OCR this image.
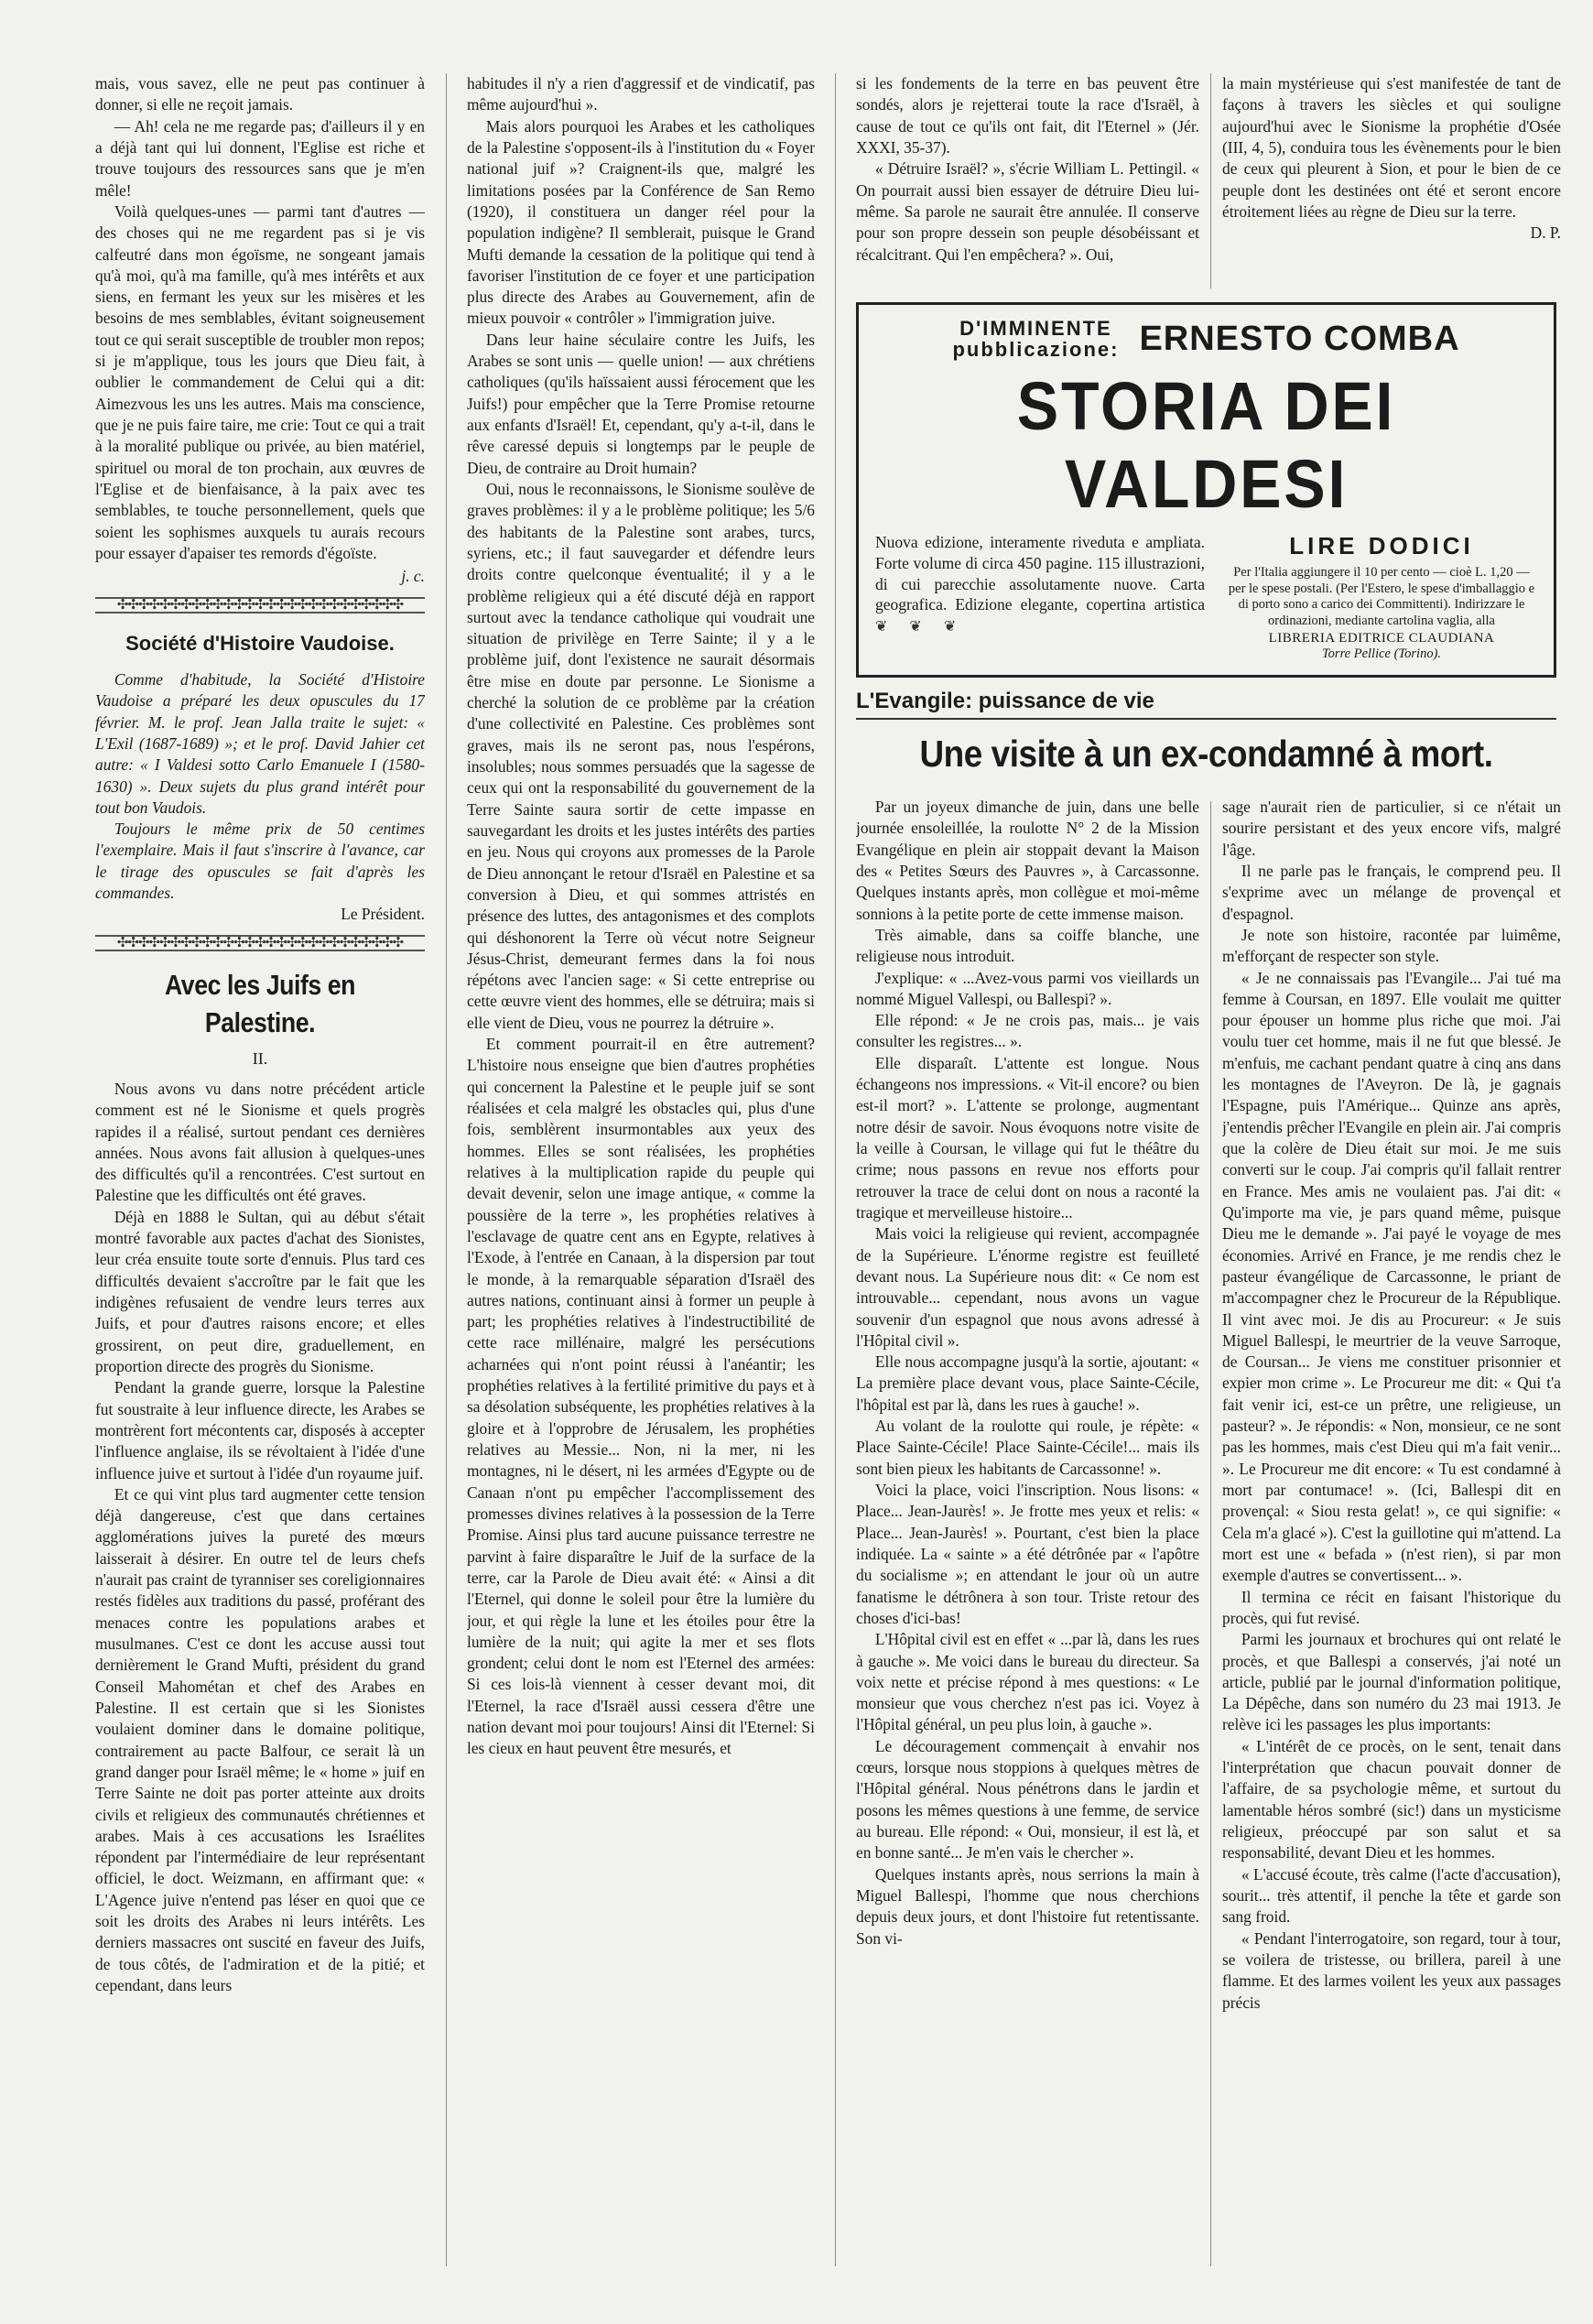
mais, vous savez, elle ne peut pas continuer à donner, si elle ne reçoit jamais.

— Ah! cela ne me regarde pas; d'ailleurs il y en a déjà tant qui lui donnent, l'Eglise est riche et trouve toujours des ressources sans que je m'en mêle!

Voilà quelques-unes — parmi tant d'autres — des choses qui ne me regardent pas si je vis calfeutré dans mon égoïsme, ne songeant jamais qu'à moi, qu'à ma famille, qu'à mes intérêts et aux siens, en fermant les yeux sur les misères et les besoins de mes semblables, évitant soigneusement tout ce qui serait susceptible de troubler mon repos; si je m'applique, tous les jours que Dieu fait, à oublier le commandement de Celui qui a dit: Aimezvous les uns les autres. Mais ma conscience, que je ne puis faire taire, me crie: Tout ce qui a trait à la moralité publique ou privée, au bien matériel, spirituel ou moral de ton prochain, aux œuvres de l'Eglise et de bienfaisance, à la paix avec tes semblables, te touche personnellement, quels que soient les sophismes auxquels tu aurais recours pour essayer d'apaiser tes remords d'égoïste.

j. c.
✣✣✣✣✣✣✣✣✣✣✣✣✣✣✣✣✣✣✣✣✣✣✣✣✣✣✣
Société d'Histoire Vaudoise.

Comme d'habitude, la Société d'Histoire Vaudoise a préparé les deux opuscules du 17 février. M. le prof. Jean Jalla traite le sujet: « L'Exil (1687-1689) »; et le prof. David Jahier cet autre: « I Valdesi sotto Carlo Emanuele I (1580-1630) ». Deux sujets du plus grand intérêt pour tout bon Vaudois.

Toujours le même prix de 50 centimes l'exemplaire. Mais il faut s'inscrire à l'avance, car le tirage des opuscules se fait d'après les commandes.

Le Président.
✣✣✣✣✣✣✣✣✣✣✣✣✣✣✣✣✣✣✣✣✣✣✣✣✣✣✣
Avec les Juifs en Palestine.
II.

Nous avons vu dans notre précédent article comment est né le Sionisme et quels progrès rapides il a réalisé, surtout pendant ces dernières années. Nous avons fait allusion à quelques-unes des difficultés qu'il a rencontrées. C'est surtout en Palestine que les difficultés ont été graves.

Déjà en 1888 le Sultan, qui au début s'était montré favorable aux pactes d'achat des Sionistes, leur créa ensuite toute sorte d'ennuis. Plus tard ces difficultés devaient s'accroître par le fait que les indigènes refusaient de vendre leurs terres aux Juifs, et pour d'autres raisons encore; et elles grossirent, on peut dire, graduellement, en proportion directe des progrès du Sionisme.

Pendant la grande guerre, lorsque la Palestine fut soustraite à leur influence directe, les Arabes se montrèrent fort mécontents car, disposés à accepter l'influence anglaise, ils se révoltaient à l'idée d'une influence juive et surtout à l'idée d'un royaume juif.

Et ce qui vint plus tard augmenter cette tension déjà dangereuse, c'est que dans certaines agglomérations juives la pureté des mœurs laisserait à désirer. En outre tel de leurs chefs n'aurait pas craint de tyranniser ses coreligionnaires restés fidèles aux traditions du passé, proférant des menaces contre les populations arabes et musulmanes. C'est ce dont les accuse aussi tout dernièrement le Grand Mufti, président du grand Conseil Mahométan et chef des Arabes en Palestine. Il est certain que si les Sionistes voulaient dominer dans le domaine politique, contrairement au pacte Balfour, ce serait là un grand danger pour Israël même; le « home » juif en Terre Sainte ne doit pas porter atteinte aux droits civils et religieux des communautés chrétiennes et arabes. Mais à ces accusations les Israélites répondent par l'intermédiaire de leur représentant officiel, le doct. Weizmann, en affirmant que: « L'Agence juive n'entend pas léser en quoi que ce soit les droits des Arabes ni leurs intérêts. Les derniers massacres ont suscité en faveur des Juifs, de tous côtés, de l'admiration et de la pitié; et cependant, dans leurs

habitudes il n'y a rien d'aggressif et de vindicatif, pas même aujourd'hui ».

Mais alors pourquoi les Arabes et les catholiques de la Palestine s'opposent-ils à l'institution du « Foyer national juif »? Craignent-ils que, malgré les limitations posées par la Conférence de San Remo (1920), il constituera un danger réel pour la population indigène? Il semblerait, puisque le Grand Mufti demande la cessation de la politique qui tend à favoriser l'institution de ce foyer et une participation plus directe des Arabes au Gouvernement, afin de mieux pouvoir « contrôler » l'immigration juive.

Dans leur haine séculaire contre les Juifs, les Arabes se sont unis — quelle union! — aux chrétiens catholiques (qu'ils haïssaient aussi férocement que les Juifs!) pour empêcher que la Terre Promise retourne aux enfants d'Israël! Et, cependant, qu'y a-t-il, dans le rêve caressé depuis si longtemps par le peuple de Dieu, de contraire au Droit humain?

Oui, nous le reconnaissons, le Sionisme soulève de graves problèmes: il y a le problème politique; les 5/6 des habitants de la Palestine sont arabes, turcs, syriens, etc.; il faut sauvegarder et défendre leurs droits contre quelconque éventualité; il y a le problème religieux qui a été discuté déjà en rapport surtout avec la tendance catholique qui voudrait une situation de privilège en Terre Sainte; il y a le problème juif, dont l'existence ne saurait désormais être mise en doute par personne. Le Sionisme a cherché la solution de ce problème par la création d'une collectivité en Palestine. Ces problèmes sont graves, mais ils ne seront pas, nous l'espérons, insolubles; nous sommes persuadés que la sagesse de ceux qui ont la responsabilité du gouvernement de la Terre Sainte saura sortir de cette impasse en sauvegardant les droits et les justes intérêts des parties en jeu. Nous qui croyons aux promesses de la Parole de Dieu annonçant le retour d'Israël en Palestine et sa conversion à Dieu, et qui sommes attristés en présence des luttes, des antagonismes et des complots qui déshonorent la Terre où vécut notre Seigneur Jésus-Christ, demeurant fermes dans la foi nous répétons avec l'ancien sage: « Si cette entreprise ou cette œuvre vient des hommes, elle se détruira; mais si elle vient de Dieu, vous ne pourrez la détruire ».

Et comment pourrait-il en être autrement? L'histoire nous enseigne que bien d'autres prophéties qui concernent la Palestine et le peuple juif se sont réalisées et cela malgré les obstacles qui, plus d'une fois, semblèrent insurmontables aux yeux des hommes. Elles se sont réalisées, les prophéties relatives à la multiplication rapide du peuple qui devait devenir, selon une image antique, « comme la poussière de la terre », les prophéties relatives à l'esclavage de quatre cent ans en Egypte, relatives à l'Exode, à l'entrée en Canaan, à la dispersion par tout le monde, à la remarquable séparation d'Israël des autres nations, continuant ainsi à former un peuple à part; les prophéties relatives à l'indestructibilité de cette race millénaire, malgré les persécutions acharnées qui n'ont point réussi à l'anéantir; les prophéties relatives à la fertilité primitive du pays et à sa désolation subséquente, les prophéties relatives à la gloire et à l'opprobre de Jérusalem, les prophéties relatives au Messie... Non, ni la mer, ni les montagnes, ni le désert, ni les armées d'Egypte ou de Canaan n'ont pu empêcher l'accomplissement des promesses divines relatives à la possession de la Terre Promise. Ainsi plus tard aucune puissance terrestre ne parvint à faire disparaître le Juif de la surface de la terre, car la Parole de Dieu avait été: « Ainsi a dit l'Eternel, qui donne le soleil pour être la lumière du jour, et qui règle la lune et les étoiles pour être la lumière de la nuit; qui agite la mer et ses flots grondent; celui dont le nom est l'Eternel des armées: Si ces lois-là viennent à cesser devant moi, dit l'Eternel, la race d'Israël aussi cessera d'être une nation devant moi pour toujours! Ainsi dit l'Eternel: Si les cieux en haut peuvent être mesurés, et

si les fondements de la terre en bas peuvent être sondés, alors je rejetterai toute la race d'Israël, à cause de tout ce qu'ils ont fait, dit l'Eternel » (Jér. XXXI, 35-37).

« Détruire Israël? », s'écrie William L. Pettingil. « On pourrait aussi bien essayer de détruire Dieu lui-même. Sa parole ne saurait être annulée. Il conserve pour son propre dessein son peuple désobéissant et récalcitrant. Qui l'en empêchera? ». Oui,

la main mystérieuse qui s'est manifestée de tant de façons à travers les siècles et qui souligne aujourd'hui avec le Sionisme la prophétie d'Osée (III, 4, 5), conduira tous les évènements pour le bien de ceux qui pleurent à Sion, et pour le bien de ce peuple dont les destinées ont été et seront encore étroitement liées au règne de Dieu sur la terre.

D. P.
D'IMMINENTE
pubblicazione: ERNESTO COMBA
STORIA DEI VALDESI
Nuova edizione, interamente riveduta e ampliata. Forte volume di circa 450 pagine. 115 illustrazioni, di cui parecchie assolutamente nuove. Carta geografica. Edizione elegante, copertina artistica ❦ ❦ ❦
LIRE DODICI
Per l'Italia aggiungere il 10 per cento — cioè L. 1,20 — per le spese postali. (Per l'Estero, le spese d'imballaggio e di porto sono a carico dei Committenti). Indirizzare le ordinazioni, mediante cartolina vaglia, alla
LIBRERIA EDITRICE CLAUDIANA
Torre Pellice (Torino).
L'Evangile: puissance de vie
Une visite à un ex-condamné à mort.

Par un joyeux dimanche de juin, dans une belle journée ensoleillée, la roulotte N° 2 de la Mission Evangélique en plein air stoppait devant la Maison des « Petites Sœurs des Pauvres », à Carcassonne. Quelques instants après, mon collègue et moi-même sonnions à la petite porte de cette immense maison.

Très aimable, dans sa coiffe blanche, une religieuse nous introduit.

J'explique: « ...Avez-vous parmi vos vieillards un nommé Miguel Vallespi, ou Ballespi? ».

Elle répond: « Je ne crois pas, mais... je vais consulter les registres... ».

Elle disparaît. L'attente est longue. Nous échangeons nos impressions. « Vit-il encore? ou bien est-il mort? ». L'attente se prolonge, augmentant notre désir de savoir. Nous évoquons notre visite de la veille à Coursan, le village qui fut le théâtre du crime; nous passons en revue nos efforts pour retrouver la trace de celui dont on nous a raconté la tragique et merveilleuse histoire...

Mais voici la religieuse qui revient, accompagnée de la Supérieure. L'énorme registre est feuilleté devant nous. La Supérieure nous dit: « Ce nom est introuvable... cependant, nous avons un vague souvenir d'un espagnol que nous avons adressé à l'Hôpital civil ».

Elle nous accompagne jusqu'à la sortie, ajoutant: « La première place devant vous, place Sainte-Cécile, l'hôpital est par là, dans les rues à gauche! ».

Au volant de la roulotte qui roule, je répète: « Place Sainte-Cécile! Place Sainte-Cécile!... mais ils sont bien pieux les habitants de Carcassonne! ».

Voici la place, voici l'inscription. Nous lisons: « Place... Jean-Jaurès! ». Je frotte mes yeux et relis: « Place... Jean-Jaurès! ». Pourtant, c'est bien la place indiquée. La « sainte » a été détrônée par « l'apôtre du socialisme »; en attendant le jour où un autre fanatisme le détrônera à son tour. Triste retour des choses d'ici-bas!

L'Hôpital civil est en effet « ...par là, dans les rues à gauche ». Me voici dans le bureau du directeur. Sa voix nette et précise répond à mes questions: « Le monsieur que vous cherchez n'est pas ici. Voyez à l'Hôpital général, un peu plus loin, à gauche ».

Le découragement commençait à envahir nos cœurs, lorsque nous stoppions à quelques mètres de l'Hôpital général. Nous pénétrons dans le jardin et posons les mêmes questions à une femme, de service au bureau. Elle répond: « Oui, monsieur, il est là, et en bonne santé... Je m'en vais le chercher ».

Quelques instants après, nous serrions la main à Miguel Ballespi, l'homme que nous cherchions depuis deux jours, et dont l'histoire fut retentissante. Son vi-

sage n'aurait rien de particulier, si ce n'était un sourire persistant et des yeux encore vifs, malgré l'âge.

Il ne parle pas le français, le comprend peu. Il s'exprime avec un mélange de provençal et d'espagnol.

Je note son histoire, racontée par luimême, m'efforçant de respecter son style.

« Je ne connaissais pas l'Evangile... J'ai tué ma femme à Coursan, en 1897. Elle voulait me quitter pour épouser un homme plus riche que moi. J'ai voulu tuer cet homme, mais il ne fut que blessé. Je m'enfuis, me cachant pendant quatre à cinq ans dans les montagnes de l'Aveyron. De là, je gagnais l'Espagne, puis l'Amérique... Quinze ans après, j'entendis prêcher l'Evangile en plein air. J'ai compris que la colère de Dieu était sur moi. Je me suis converti sur le coup. J'ai compris qu'il fallait rentrer en France. Mes amis ne voulaient pas. J'ai dit: « Qu'importe ma vie, je pars quand même, puisque Dieu me le demande ». J'ai payé le voyage de mes économies. Arrivé en France, je me rendis chez le pasteur évangélique de Carcassonne, le priant de m'accompagner chez le Procureur de la République. Il vint avec moi. Je dis au Procureur: « Je suis Miguel Ballespi, le meurtrier de la veuve Sarroque, de Coursan... Je viens me constituer prisonnier et expier mon crime ». Le Procureur me dit: « Qui t'a fait venir ici, est-ce un prêtre, une religieuse, un pasteur? ». Je répondis: « Non, monsieur, ce ne sont pas les hommes, mais c'est Dieu qui m'a fait venir... ». Le Procureur me dit encore: « Tu est condamné à mort par contumace! ». (Ici, Ballespi dit en provençal: « Siou resta gelat! », ce qui signifie: « Cela m'a glacé »). C'est la guillotine qui m'attend. La mort est une « befada » (n'est rien), si par mon exemple d'autres se convertissent... ».

Il termina ce récit en faisant l'historique du procès, qui fut revisé.

Parmi les journaux et brochures qui ont relaté le procès, et que Ballespi a conservés, j'ai noté un article, publié par le journal d'information politique, La Dépêche, dans son numéro du 23 mai 1913. Je relève ici les passages les plus importants:

« L'intérêt de ce procès, on le sent, tenait dans l'interprétation que chacun pouvait donner de l'affaire, de sa psychologie même, et surtout du lamentable héros sombré (sic!) dans un mysticisme religieux, préoccupé par son salut et sa responsabilité, devant Dieu et les hommes.

« L'accusé écoute, très calme (l'acte d'accusation), sourit... très attentif, il penche la tête et garde son sang froid.

« Pendant l'interrogatoire, son regard, tour à tour, se voilera de tristesse, ou brillera, pareil à une flamme. Et des larmes voilent les yeux aux passages précis
